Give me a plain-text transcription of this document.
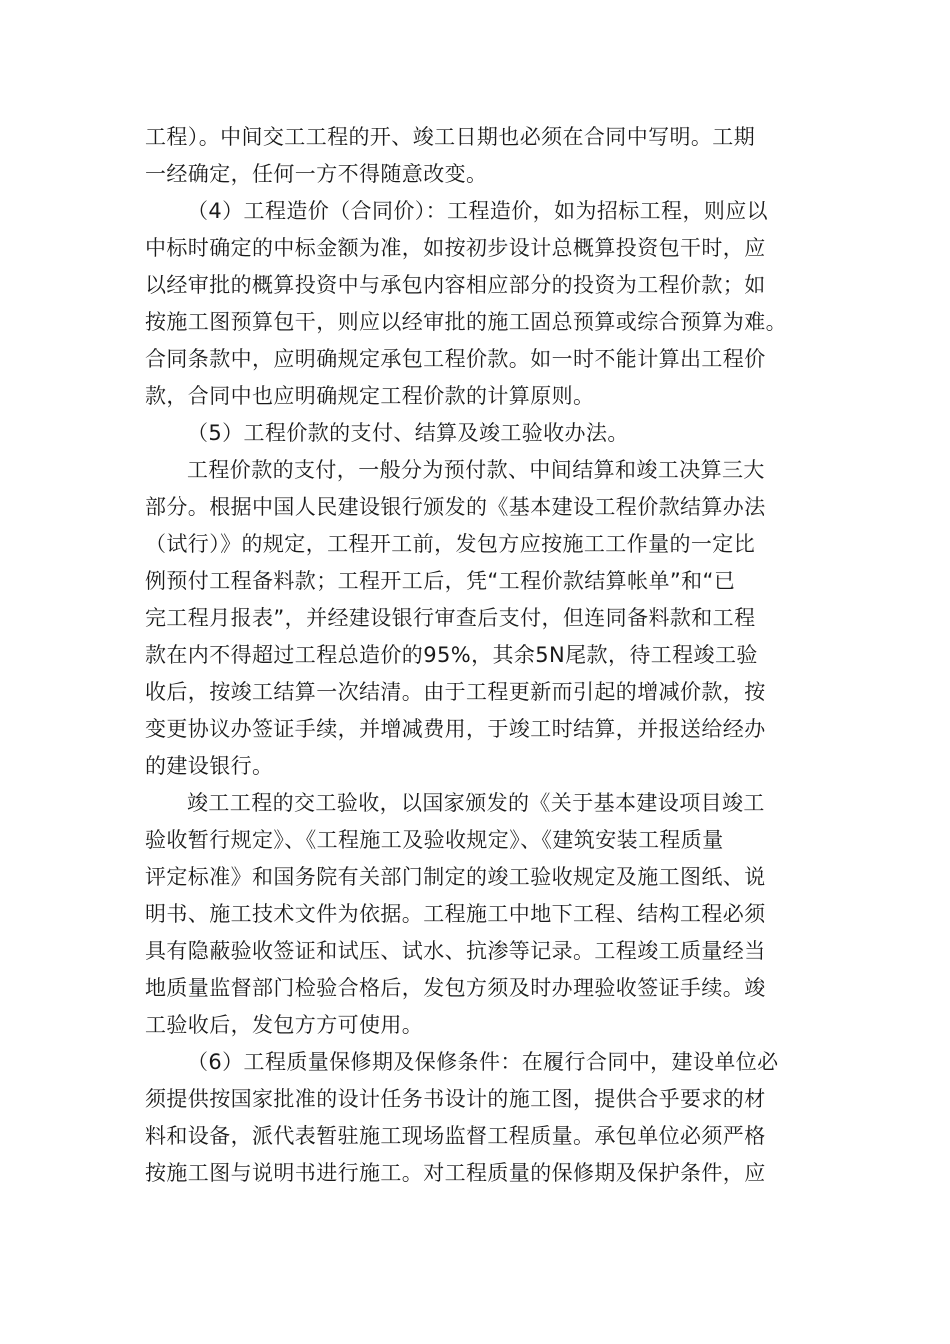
工程）。中间交工工程的开、竣工日期也必须在合同中写明。工期
一经确定，任何一方不得随意改变。
（4）工程造价（合同价）：工程造价，如为招标工程，则应以
中标时确定的中标金额为准，如按初步设计总概算投资包干时，应
以经审批的概算投资中与承包内容相应部分的投资为工程价款；如
按施工图预算包干，则应以经审批的施工固总预算或综合预算为难。
合同条款中，应明确规定承包工程价款。如一时不能计算出工程价
款，合同中也应明确规定工程价款的计算原则。
（5）工程价款的支付、结算及竣工验收办法。
工程价款的支付，一般分为预付款、中间结算和竣工决算三大
部分。根据中国人民建设银行颁发的《基本建设工程价款结算办法
（试行）》的规定，工程开工前，发包方应按施工工作量的一定比
例预付工程备料款；工程开工后，凭“工程价款结算帐单”和“已
完工程月报表”，并经建设银行审查后支付，但连同备料款和工程
款在内不得超过工程总造价的95%，其余5N尾款，待工程竣工验
收后，按竣工结算一次结清。由于工程更新而引起的增减价款，按
变更协议办签证手续，并增减费用，于竣工时结算，并报送给经办
的建设银行。
竣工工程的交工验收，以国家颁发的《关于基本建设项目竣工
验收暂行规定》、《工程施工及验收规定》、《建筑安装工程质量
评定标准》和国务院有关部门制定的竣工验收规定及施工图纸、说
明书、施工技术文件为依据。工程施工中地下工程、结构工程必须
具有隐蔽验收签证和试压、试水、抗渗等记录。工程竣工质量经当
地质量监督部门检验合格后，发包方须及时办理验收签证手续。竣
工验收后，发包方方可使用。
（6）工程质量保修期及保修条件：在履行合同中，建设单位必
须提供按国家批准的设计任务书设计的施工图，提供合乎要求的材
料和设备，派代表暂驻施工现场监督工程质量。承包单位必须严格
按施工图与说明书进行施工。对工程质量的保修期及保护条件，应
